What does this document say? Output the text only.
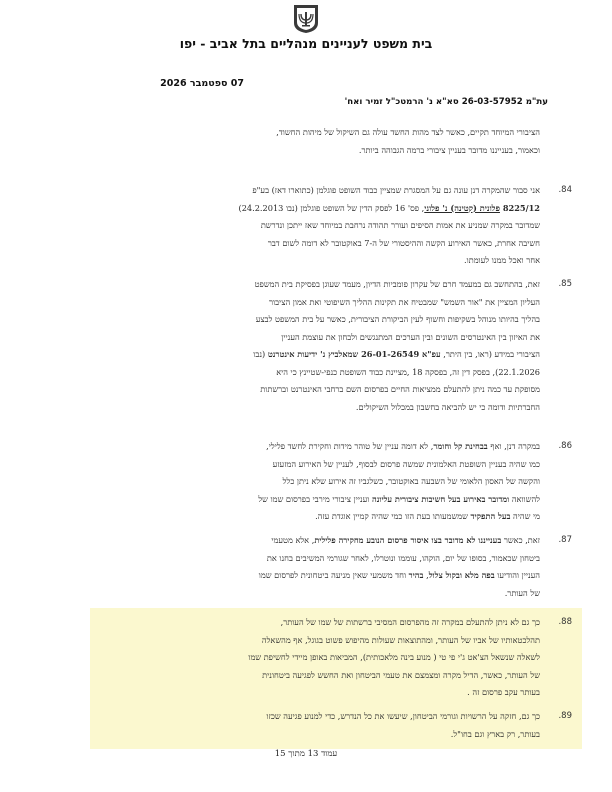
בית משפט לעניינים מנהליים בתל אביב - יפו
07 ספטמבר 2026
עת"מ 26-03-57952 סא"א נ' הרמטכ"ל זמיר ואח'
הציבורי המיוחד תקיים, כאשר לצד מהות החשד עולה גם השיקול של מיהות החשוד,
וכאמור, בענייננו מדובר בעניין ציבורי ברמה הגבוהה ביותר.
.84
אני סבור שהמקרה דנן עונה גם על המסגרת שמציין כבוד השופט פוגלמן (כתוארו דאז) בע"פ
8225/12 פלונית (קטינה) נ' פלוני, פס' 16 לפסק הדין של השופט פוגלמן (נבו 24.2.2013)
שמדובר במקרה שמניע את אמות הסיפים ועורר תהודה נרחבת במיוחד שאז ייתכן ונדרשת
חשיבה אחרת, כאשר האירוע הקשה וההיסטורי של ה-7 באוקטובר לא דומה לשום דבר
אחר ואכל ממנו לעומתו.
.85
זאת, בהתחשב גם במעמד חרם של עקרון פומביות הדיון, מעמד שעוגן בפסיקת בית המשפט
העליון המציין את "אור השמש" שמבטיח את תקינות ההליך השיפוטי ואת אמון הציבור
בהליך בהיותו מנוהל בשקיפות וחשוף לעין הביקורת הציבורית, כאשר על בית המשפט לבצע
את האיזון בין האינטרסים השונים ובין הערכים המתנגשים ולבחון את עוצמת העניין
הציבורי במידע (ראו, בין היתר, עפ"א 26-01-26549 שמאלביץ נ' ידיעות אינטרנט (נבו
22.1.2026), בפסק דין זה, בפסקה 18 ,מציינת כבוד השופטת כנפי-שטיינץ כי היא
מסופקת עד כמה ניתן להתעלם ממציאות החיים בפרסום השם ברחבי האינטרנט וברשתות
החברתיות ודומה כי יש להביאה בחשבון במכלול השיקולים.
.86
במקרה דנן, ואף בבחינת קל וחומר, לא דומה עניין של טוהר מידות וחקירת לחשד פלילי,
כמו שהיה בעניין השופטת האלמונית שמשה פרסום לבסוף, לעניין של האירוע המזעזע
והקשה של האסון הלאומי של השבעה באוקטובר, כשלגביו זה אירוע שלא ניתן כלל
להשוואה ומדובר באירוע בעל חשיבות ציבורית עליונה ועניין ציבורי מירבי בפרסום שמו של
מי שהיה בעל התפקיד שמשמעותו בעת הזו כמי שהיה קמיין אוגדת עזה.
.87
זאת, כאשר בענייננו לא מדובר בצו איסור פרסום הנובע מחקירה פלילית, אלא מטעמי
ביטחון שכאמור, בסופו של יום, הוקהו, עוממו ונוטרלו, לאחר שגורמי המשיבים בחנו את
העניין והודיעו בפה מלא ובקול צלול, בהיר וחד משמעי שאין מניעה ביטחונית לפרסום שמו
של העותר.
.88
כך גם לא ניתן להתעלם במקרה זה מהפרסום המסיבי ברשתות של שמו של העותר,
תהלכטאותיו של אביו של העותר, ומהתוצאות שעולות מהיפוש פשוט בגוגל, אף מהשאלה
לשאלה שנשאל הצ'אט ג'י פי טי ( מנוע בינה מלאכותית), המביאות באופן מיידי לחשיפת שמו
של העותר, כאשר, הדיל מקרה ומצמצם את טעמי הביטחון ואת החשש לפגיעה ביטחונית
בעותר עקב פרסום זה .
.89
כך גם, חזקה על הרשויות וגורמי הביטחון, שיעשו את כל הנדרש, כדי למנוע פגיעה שכזו
בעותר, רק בארץ וגם בחו"ל.
עמוד 13 מתוך 15
